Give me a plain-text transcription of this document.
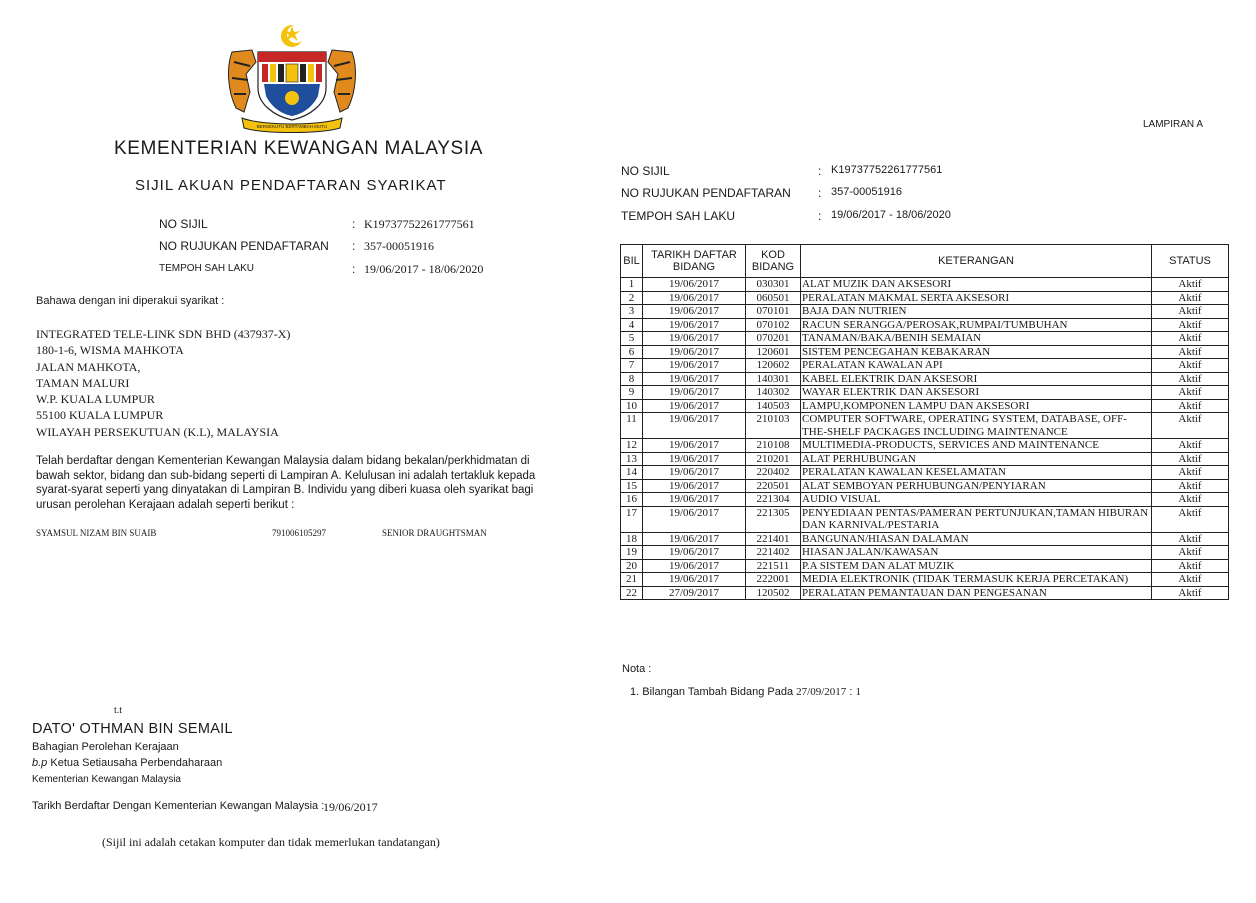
BERSEKUTU BERTAMBAH MUTU
KEMENTERIAN KEWANGAN MALAYSIA
SIJIL AKUAN PENDAFTARAN SYARIKAT
NO SIJIL	: K19737752261777561
NO RUJUKAN PENDAFTARAN : 357-00051916
TEMPOH SAH LAKU	: 19/06/2017 - 18/06/2020
Bahawa dengan ini diperakui syarikat :
INTEGRATED TELE-LINK SDN BHD (437937-X)
180-1-6, WISMA MAHKOTA
JALAN MAHKOTA,
TAMAN MALURI
W.P. KUALA LUMPUR
55100 KUALA LUMPUR
WILAYAH PERSEKUTUAN (K.L), MALAYSIA
Telah berdaftar dengan Kementerian Kewangan Malaysia dalam bidang bekalan/perkhidmatan di bawah sektor, bidang dan sub-bidang seperti di Lampiran A. Kelulusan ini adalah tertakluk kepada syarat-syarat seperti yang dinyatakan di Lampiran B. Individu yang diberi kuasa oleh syarikat bagi urusan perolehan Kerajaan adalah seperti berikut :
SYAMSUL NIZAM BIN SUAIB	791006105297	SENIOR DRAUGHTSMAN
t.t
DATO' OTHMAN BIN SEMAIL
Bahagian Perolehan Kerajaan
b.p Ketua Setiausaha Perbendaharaan
Kementerian Kewangan Malaysia
Tarikh Berdaftar Dengan Kementerian Kewangan Malaysia :
19/06/2017
(Sijil ini adalah cetakan komputer dan tidak memerlukan tandatangan)
LAMPIRAN A
NO SIJIL	: K19737752261777561
NO RUJUKAN PENDAFTARAN : 357-00051916
TEMPOH SAH LAKU	: 19/06/2017 - 18/06/2020
BIL	TARIKH DAFTAR BIDANG	KOD BIDANG	KETERANGAN	STATUS
1	19/06/2017	030301	ALAT MUZIK DAN AKSESORI	Aktif
2	19/06/2017	060501	PERALATAN MAKMAL SERTA AKSESORI	Aktif
3	19/06/2017	070101	BAJA DAN NUTRIEN	Aktif
4	19/06/2017	070102	RACUN SERANGGA/PEROSAK,RUMPAI/TUMBUHAN	Aktif
5	19/06/2017	070201	TANAMAN/BAKA/BENIH SEMAIAN	Aktif
6	19/06/2017	120601	SISTEM PENCEGAHAN KEBAKARAN	Aktif
7	19/06/2017	120602	PERALATAN KAWALAN API	Aktif
8	19/06/2017	140301	KABEL ELEKTRIK DAN AKSESORI	Aktif
9	19/06/2017	140302	WAYAR ELEKTRIK DAN AKSESORI	Aktif
10	19/06/2017	140503	LAMPU,KOMPONEN LAMPU DAN AKSESORI	Aktif
11	19/06/2017	210103	COMPUTER SOFTWARE, OPERATING SYSTEM, DATABASE, OFF-THE-SHELF PACKAGES INCLUDING MAINTENANCE	Aktif
12	19/06/2017	210108	MULTIMEDIA-PRODUCTS, SERVICES AND MAINTENANCE	Aktif
13	19/06/2017	210201	ALAT PERHUBUNGAN	Aktif
14	19/06/2017	220402	PERALATAN KAWALAN KESELAMATAN	Aktif
15	19/06/2017	220501	ALAT SEMBOYAN PERHUBUNGAN/PENYIARAN	Aktif
16	19/06/2017	221304	AUDIO VISUAL	Aktif
17	19/06/2017	221305	PENYEDIAAN PENTAS/PAMERAN PERTUNJUKAN,TAMAN HIBURAN DAN KARNIVAL/PESTARIA	Aktif
18	19/06/2017	221401	BANGUNAN/HIASAN DALAMAN	Aktif
19	19/06/2017	221402	HIASAN JALAN/KAWASAN	Aktif
20	19/06/2017	221511	P.A SISTEM DAN ALAT MUZIK	Aktif
21	19/06/2017	222001	MEDIA ELEKTRONIK (TIDAK TERMASUK KERJA PERCETAKAN)	Aktif
22	27/09/2017	120502	PERALATAN PEMANTAUAN DAN PENGESANAN	Aktif
Nota :
1. Bilangan Tambah Bidang Pada 27/09/2017 : 1
